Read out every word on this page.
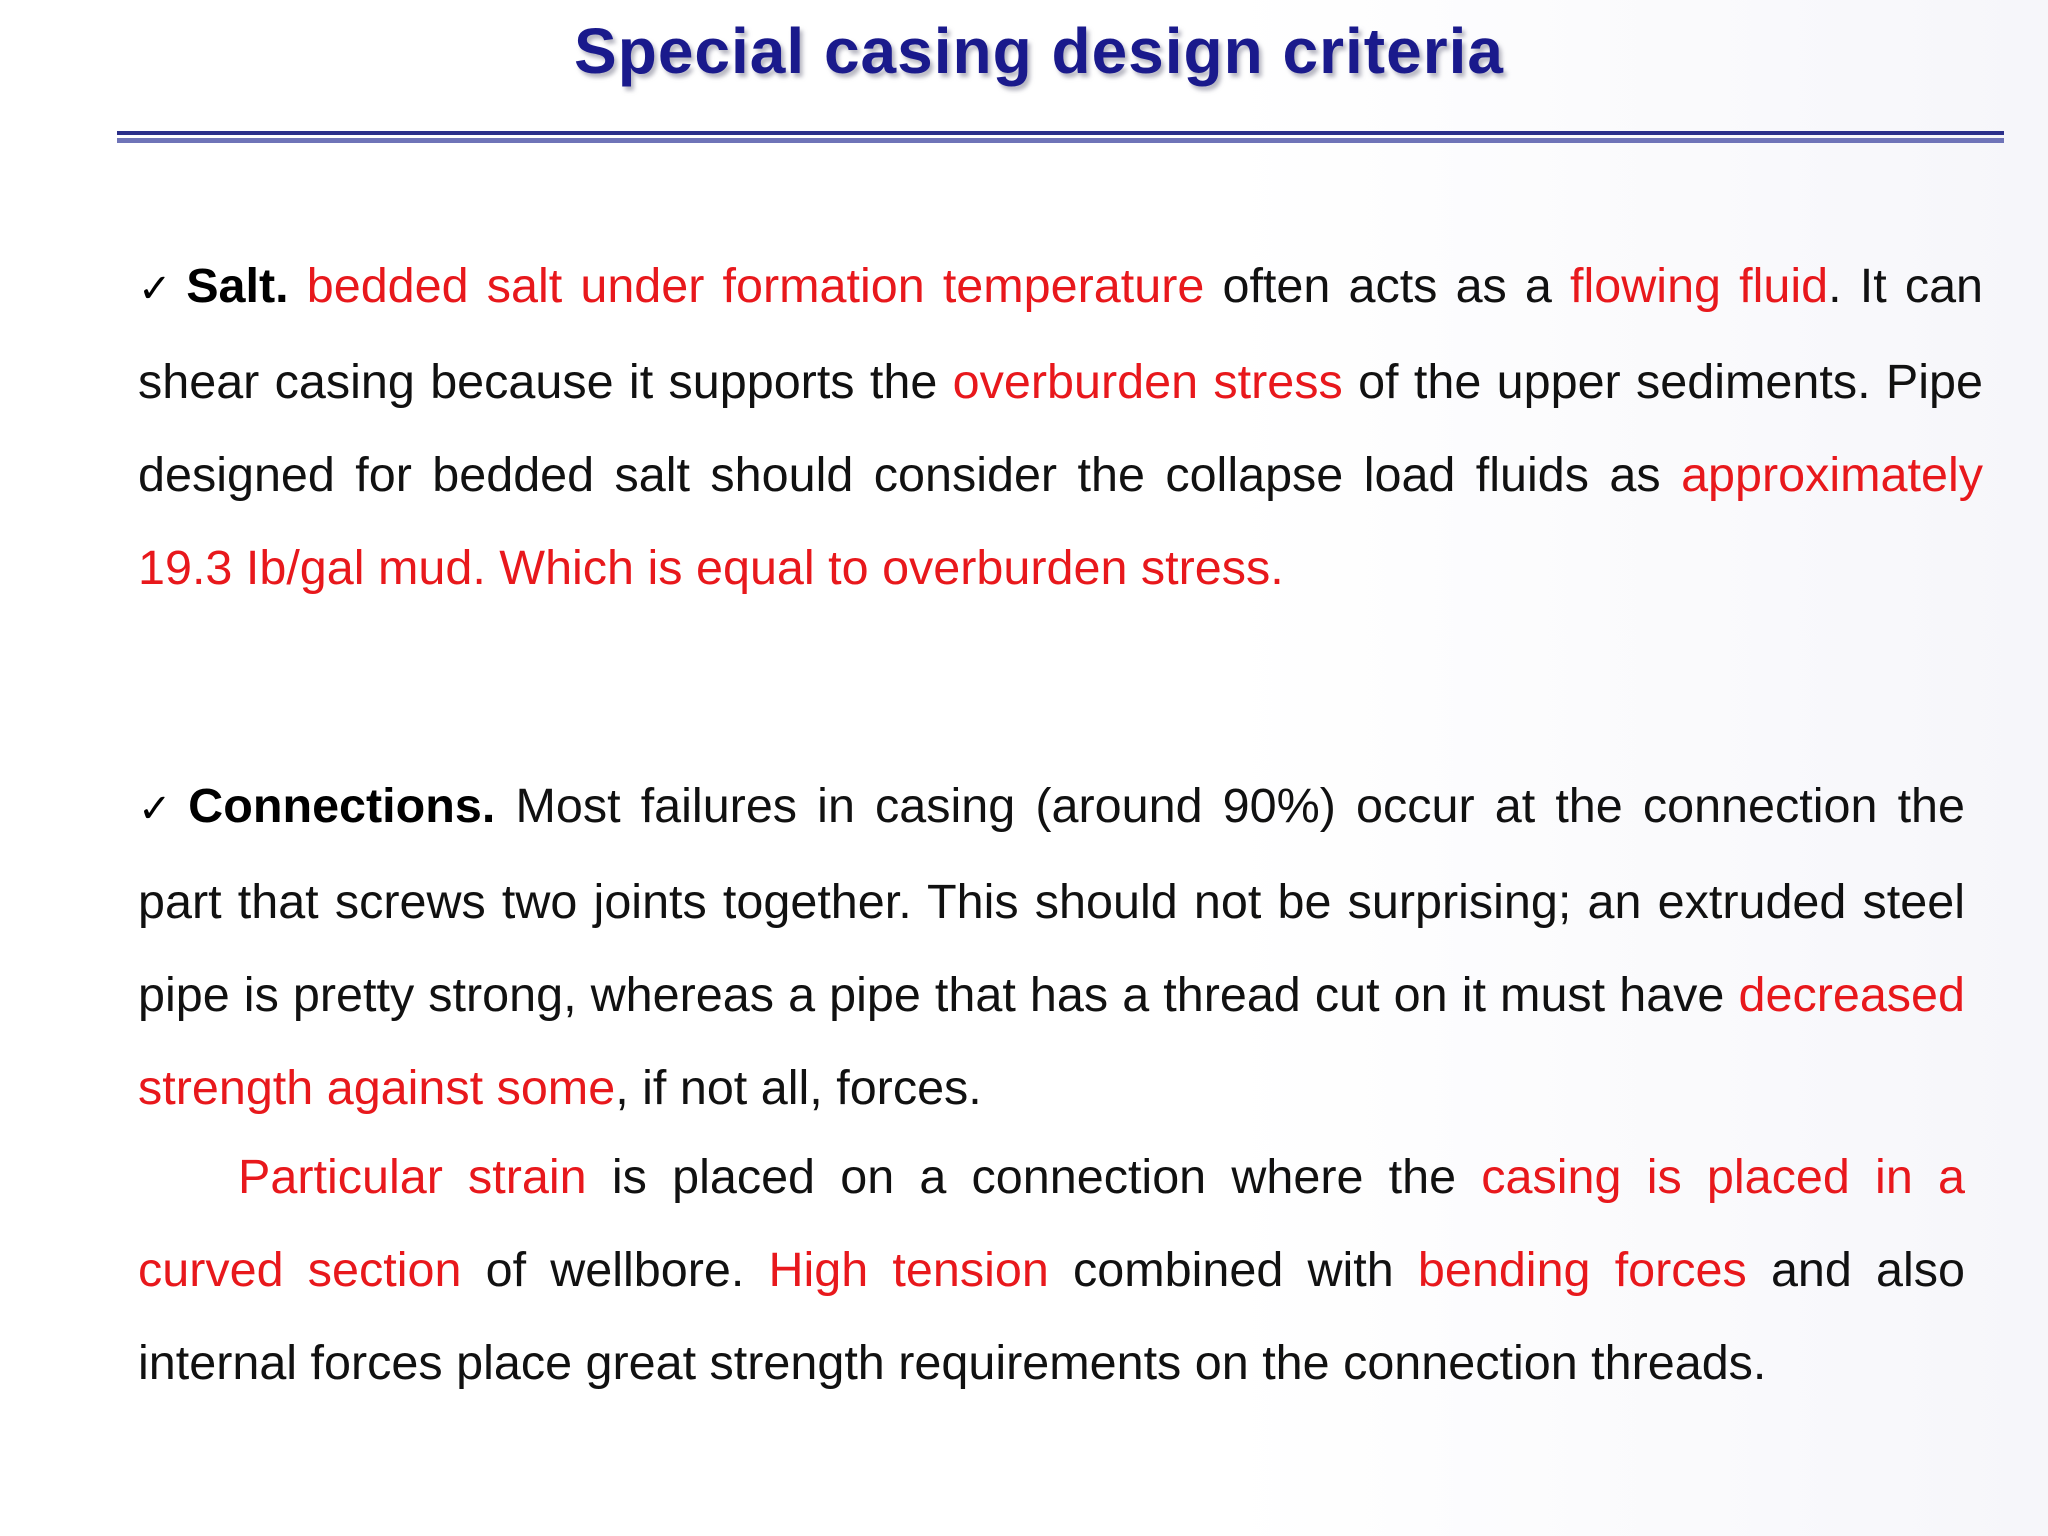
Special casing design criteria

✓ Salt. bedded salt under formation temperature often acts as a flowing fluid. It can shear casing because it supports the overburden stress of the upper sediments. Pipe designed for bedded salt should consider the collapse load fluids as approximately 19.3 Ib/gal mud. Which is equal to overburden stress.

✓ Connections. Most failures in casing (around 90%) occur at the connection the part that screws two joints together. This should not be surprising; an extruded steel pipe is pretty strong, whereas a pipe that has a thread cut on it must have decreased strength against some, if not all, forces.

Particular strain is placed on a connection where the casing is placed in a curved section of wellbore. High tension combined with bending forces and also internal forces place great strength requirements on the connection threads.
